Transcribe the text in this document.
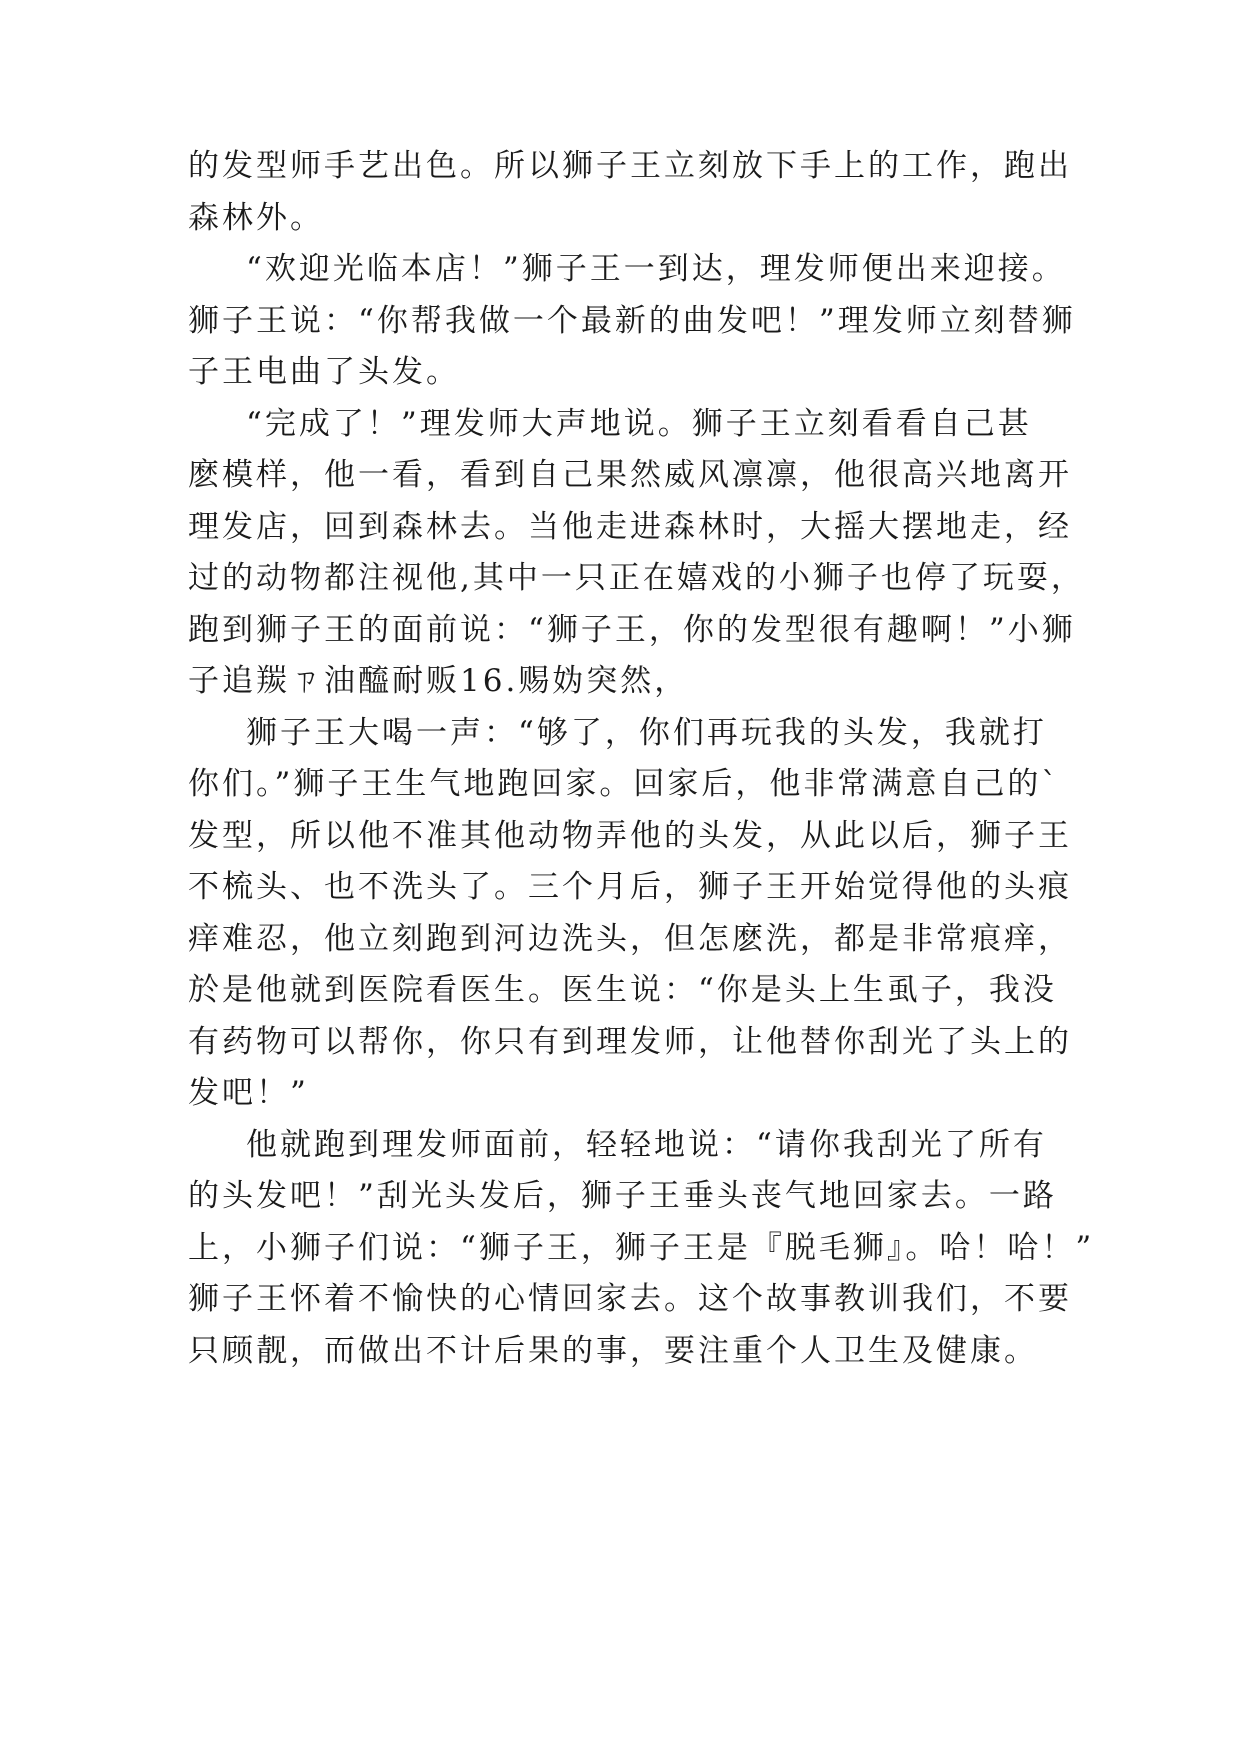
的发型师手艺出色。所以狮子王立刻放下手上的工作，跑出
森林外。
“欢迎光临本店！”狮子王一到达，理发师便出来迎接。
狮子王说：“你帮我做一个最新的曲发吧！”理发师立刻替狮
子王电曲了头发。
“完成了！”理发师大声地说。狮子王立刻看看自己甚
麽模样，他一看，看到自己果然威风凛凛，他很高兴地离开
理发店，回到森林去。当他走进森林时，大摇大摆地走，经
过的动物都注视他,其中一只正在嬉戏的小狮子也停了玩耍，
跑到狮子王的面前说：“狮子王，你的发型很有趣啊！”小狮
子追羰ㄗ油醯耐贩16.赐妫突然，
狮子王大喝一声：“够了，你们再玩我的头发，我就打
你们。”狮子王生气地跑回家。回家后，他非常满意自己的`
发型，所以他不准其他动物弄他的头发，从此以后，狮子王
不梳头、也不洗头了。三个月后，狮子王开始觉得他的头痕
痒难忍，他立刻跑到河边洗头，但怎麽洗，都是非常痕痒，
於是他就到医院看医生。医生说：“你是头上生虱子，我没
有药物可以帮你，你只有到理发师，让他替你刮光了头上的
发吧！”
他就跑到理发师面前，轻轻地说：“请你我刮光了所有
的头发吧！”刮光头发后，狮子王垂头丧气地回家去。一路
上，小狮子们说：“狮子王，狮子王是『脱毛狮』。哈！哈！”
狮子王怀着不愉快的心情回家去。这个故事教训我们，不要
只顾靓，而做出不计后果的事，要注重个人卫生及健康。
